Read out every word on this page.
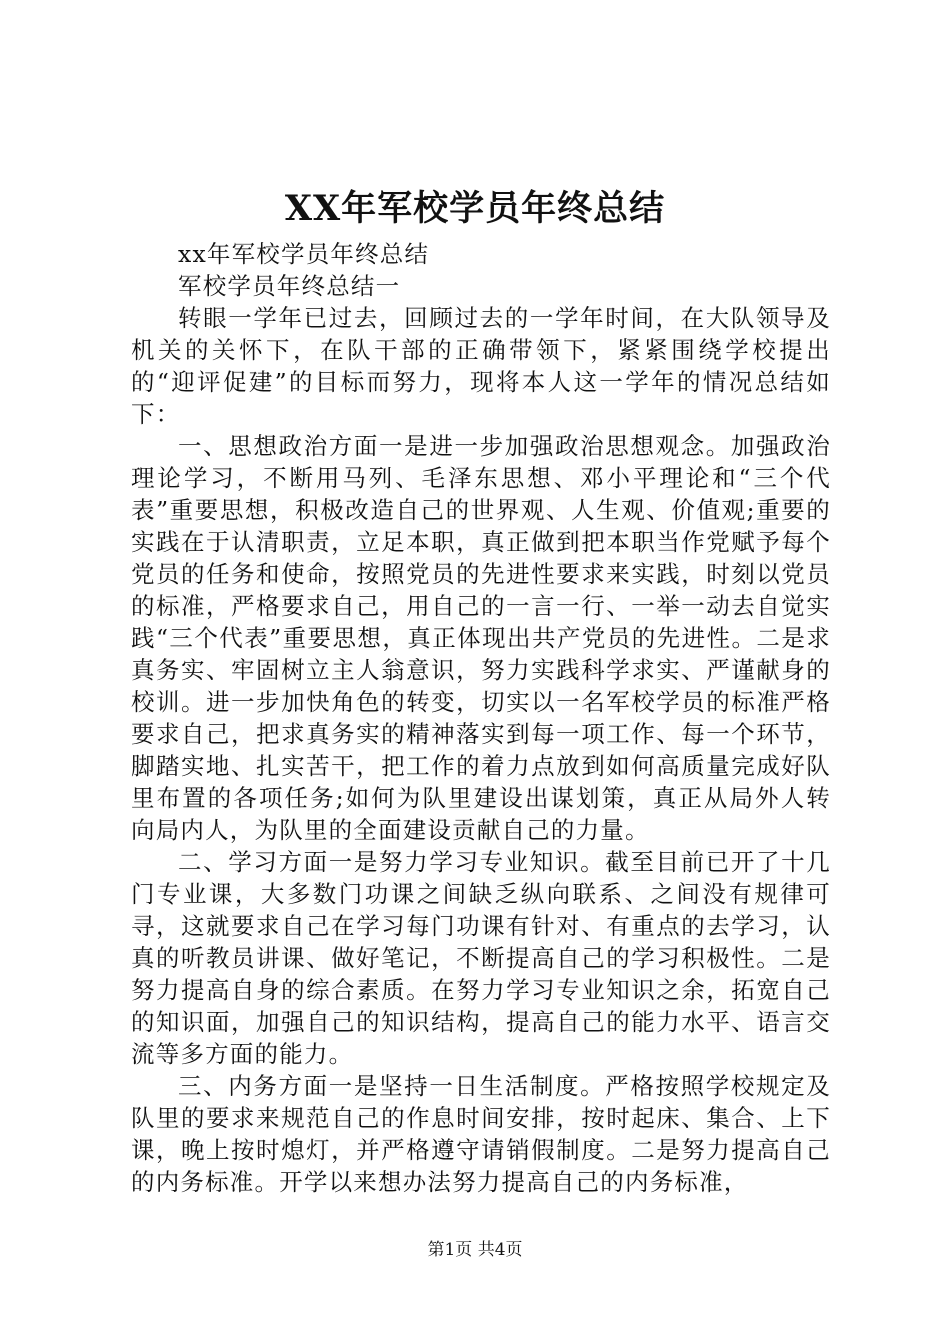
XX年军校学员年终总结

xx年军校学员年终总结

军校学员年终总结一

转眼一学年已过去，回顾过去的一学年时间，在大队领导及机关的关怀下，在队干部的正确带领下，紧紧围绕学校提出的“迎评促建”的目标而努力，现将本人这一学年的情况总结如下：

一、思想政治方面一是进一步加强政治思想观念。加强政治理论学习，不断用马列、毛泽东思想、邓小平理论和“三个代表”重要思想，积极改造自己的世界观、人生观、价值观;重要的实践在于认清职责，立足本职，真正做到把本职当作党赋予每个党员的任务和使命，按照党员的先进性要求来实践，时刻以党员的标准，严格要求自己，用自己的一言一行、一举一动去自觉实践“三个代表”重要思想，真正体现出共产党员的先进性。二是求真务实、牢固树立主人翁意识，努力实践科学求实、严谨献身的校训。进一步加快角色的转变，切实以一名军校学员的标准严格要求自己，把求真务实的精神落实到每一项工作、每一个环节，脚踏实地、扎实苦干，把工作的着力点放到如何高质量完成好队里布置的各项任务;如何为队里建设出谋划策，真正从局外人转向局内人，为队里的全面建设贡献自己的力量。

二、学习方面一是努力学习专业知识。截至目前已开了十几门专业课，大多数门功课之间缺乏纵向联系、之间没有规律可寻，这就要求自己在学习每门功课有针对、有重点的去学习，认真的听教员讲课、做好笔记，不断提高自己的学习积极性。二是努力提高自身的综合素质。在努力学习专业知识之余，拓宽自己的知识面，加强自己的知识结构，提高自己的能力水平、语言交流等多方面的能力。

三、内务方面一是坚持一日生活制度。严格按照学校规定及队里的要求来规范自己的作息时间安排，按时起床、集合、上下课，晚上按时熄灯，并严格遵守请销假制度。二是努力提高自己的内务标准。开学以来想办法努力提高自己的内务标准，

第1页 共4页
